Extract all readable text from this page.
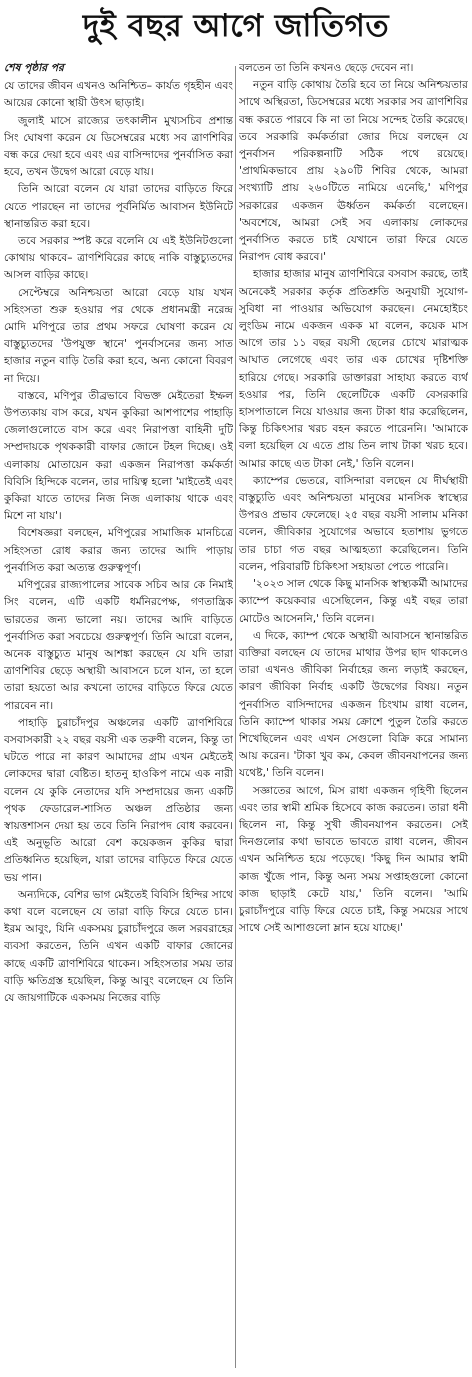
দুই বছর আগে জাতিগত

শেষ পৃষ্ঠার পর
যে তাদের জীবন এখনও অনিশ্চিত– কার্যত গৃহহীন এবং আয়ের কোনো স্থায়ী উৎস ছাড়াই।

জুলাই মাসে রাজ্যের তৎকালীন মুখ্যসচিব প্রশান্ত সিং ঘোষণা করেন যে ডিসেম্বরের মধ্যে সব ত্রাণশিবির বন্ধ করে দেয়া হবে এবং এর বাসিন্দাদের পুনর্বাসিত করা হবে, তখন উদ্বেগ আরো বেড়ে যায়।

তিনি আরো বলেন যে যারা তাদের বাড়িতে ফিরে যেতে পারছেন না তাদের পূর্বনির্মিত আবাসন ইউনিটে স্থানান্তরিত করা হবে।

তবে সরকার স্পষ্ট করে বলেনি যে এই ইউনিটগুলো কোথায় থাকবে– ত্রাণশিবিরের কাছে নাকি বাস্তুচ্যুতদের আসল বাড়ির কাছে।

সেপ্টেম্বরে অনিশ্চয়তা আরো বেড়ে যায় যখন সহিংসতা শুরু হওয়ার পর থেকে প্রধানমন্ত্রী নরেন্দ্র মোদি মণিপুরে তার প্রথম সফরে ঘোষণা করেন যে বাস্তুচ্যুতদের 'উপযুক্ত স্থানে' পুনর্বাসনের জন্য সাত হাজার নতুন বাড়ি তৈরি করা হবে, অন্য কোনো বিবরণ না দিয়ে।

বাস্তবে, মণিপুর তীব্রভাবে বিভক্ত মেইতেরা ইম্ফল উপত্যকায় বাস করে, যখন কুকিরা আশপাশের পাহাড়ি জেলাগুলোতে বাস করে এবং নিরাপত্তা বাহিনী দুটি সম্প্রদায়কে পৃথককারী বাফার জোনে টহল দিচ্ছে। ওই এলাকায় মোতায়েন করা একজন নিরাপত্তা কর্মকর্তা বিবিসি হিন্দিকে বলেন, তার দায়িত্ব হলো 'মাইতেই এবং কুকিরা যাতে তাদের নিজ নিজ এলাকায় থাকে এবং মিশে না যায়'।

বিশেষজ্ঞরা বলছেন, মণিপুরের সামাজিক মানচিত্রে সহিংসতা রোধ করার জন্য তাদের আদি পাড়ায় পুনর্বাসিত করা অত্যন্ত গুরুত্বপূর্ণ।

মণিপুরের রাজ্যপালের সাবেক সচিব আর কে নিমাই সিং বলেন, এটি একটি ধর্মনিরপেক্ষ, গণতান্ত্রিক ভারতের জন্য ভালো নয়। তাদের আদি বাড়িতে পুনর্বাসিত করা সবচেয়ে গুরুত্বপূর্ণ। তিনি আরো বলেন, অনেক বাস্তুচ্যুত মানুষ আশঙ্কা করছেন যে যদি তারা ত্রাণশিবির ছেড়ে অস্থায়ী আবাসনে চলে যান, তা হলে তারা হয়তো আর কখনো তাদের বাড়িতে ফিরে যেতে পারবেন না।

পাহাড়ি চুরাচাঁদপুর অঞ্চলের একটি ত্রাণশিবিরে বসবাসকারী ২২ বছর বয়সী এক তরুণী বলেন, কিন্তু তা ঘটতে পারে না কারণ আমাদের গ্রাম এখন মেইতেই লোকদের দ্বারা বেষ্টিত। হাতনু হাওকিপ নামে এক নারী বলেন যে কুকি নেতাদের যদি সম্প্রদায়ের জন্য একটি পৃথক ফেডারেল-শাসিত অঞ্চল প্রতিষ্ঠার জন্য স্বায়ত্তশাসন দেয়া হয় তবে তিনি নিরাপদ বোধ করবেন। এই অনুভূতি আরো বেশ কয়েকজন কুকির দ্বারা প্রতিধ্বনিত হয়েছিল, যারা তাদের বাড়িতে ফিরে যেতে ভয় পান।

অন্যদিকে, বেশির ভাগ মেইতেই বিবিসি হিন্দির সাথে কথা বলে বলেছেন যে তারা বাড়ি ফিরে যেতে চান। ইরম আবুং, যিনি একসময় চুরাচাঁদপুরে জল সরবরাহের ব্যবসা করতেন, তিনি এখন একটি বাফার জোনের কাছে একটি ত্রাণশিবিরে থাকেন। সহিংসতার সময় তার বাড়ি ক্ষতিগ্রস্ত হয়েছিল, কিন্তু আবুং বলেছেন যে তিনি যে জায়গাটিকে একসময় নিজের বাড়ি

বলতেন তা তিনি কখনও ছেড়ে দেবেন না।

নতুন বাড়ি কোথায় তৈরি হবে তা নিয়ে অনিশ্চয়তার সাথে অস্থিরতা, ডিসেম্বরের মধ্যে সরকার সব ত্রাণশিবির বন্ধ করতে পারবে কি না তা নিয়ে সন্দেহ তৈরি করেছে। তবে সরকারি কর্মকর্তারা জোর দিয়ে বলছেন যে পুনর্বাসন পরিকল্পনাটি সঠিক পথে রয়েছে। 'প্রাথমিকভাবে প্রায় ২৯০টি শিবির থেকে, আমরা সংখ্যাটি প্রায় ২৬০টিতে নামিয়ে এনেছি,' মণিপুর সরকারের একজন ঊর্ধ্বতন কর্মকর্তা বলেছেন। 'অবশেষে, আমরা সেই সব এলাকায় লোকদের পুনর্বাসিত করতে চাই যেখানে তারা ফিরে যেতে নিরাপদ বোধ করবে।'

হাজার হাজার মানুষ ত্রাণশিবিরে বসবাস করছে, তাই অনেকেই সরকার কর্তৃক প্রতিশ্রুতি অনুযায়ী সুযোগ-সুবিধা না পাওয়ার অভিযোগ করছেন। নেমহোইচং লুংডিম নামে একজন একক মা বলেন, কয়েক মাস আগে তার ১১ বছর বয়সী ছেলের চোখে মারাত্মক আঘাত লেগেছে এবং তার এক চোখের দৃষ্টিশক্তি হারিয়ে গেছে। সরকারি ডাক্তাররা সাহায্য করতে ব্যর্থ হওয়ার পর, তিনি ছেলেটিকে একটি বেসরকারি হাসপাতালে নিয়ে যাওয়ার জন্য টাকা ধার করেছিলেন, কিন্তু চিকিৎসার খরচ বহন করতে পারেননি। 'আমাকে বলা হয়েছিল যে এতে প্রায় তিন লাখ টাকা খরচ হবে। আমার কাছে এত টাকা নেই,' তিনি বলেন।

ক্যাম্পের ভেতরে, বাসিন্দারা বলছেন যে দীর্ঘস্থায়ী বাস্তুচ্যুতি এবং অনিশ্চয়তা মানুষের মানসিক স্বাস্থ্যের উপরও প্রভাব ফেলেছে। ২৫ বছর বয়সী সালাম মনিকা বলেন, জীবিকার সুযোগের অভাবে হতাশায় ভুগতে তার চাচা গত বছর আত্মহত্যা করেছিলেন। তিনি বলেন, পরিবারটি চিকিৎসা সহায়তা পেতে পারেনি।

'২০২৩ সাল থেকে কিছু মানসিক স্বাস্থ্যকর্মী আমাদের ক্যাম্পে কয়েকবার এসেছিলেন, কিন্তু এই বছর তারা মোটেও আসেননি,' তিনি বলেন।

এ দিকে, ক্যাম্প থেকে অস্থায়ী আবাসনে স্থানান্তরিত ব্যক্তিরা বলছেন যে তাদের মাথার উপর ছাদ থাকলেও তারা এখনও জীবিকা নির্বাহের জন্য লড়াই করছেন, কারণ জীবিকা নির্বাহ একটি উদ্বেগের বিষয়। নতুন পুনর্বাসিত বাসিন্দাদের একজন চিংখাম রাধা বলেন, তিনি ক্যাম্পে থাকার সময় ক্রোশে পুতুল তৈরি করতে শিখেছিলেন এবং এখন সেগুলো বিক্রি করে সামান্য আয় করেন। 'টাকা খুব কম, কেবল জীবনযাপনের জন্য যথেষ্ট,' তিনি বলেন।

সজ্ঞাতের আগে, মিস রাধা একজন গৃহিণী ছিলেন এবং তার স্বামী শ্রমিক হিসেবে কাজ করতেন। তারা ধনী ছিলেন না, কিন্তু সুখী জীবনযাপন করতেন। সেই দিনগুলোর কথা ভাবতে ভাবতে রাধা বলেন, জীবন এখন অনিশ্চিত হয়ে পড়েছে। 'কিছু দিন আমার স্বামী কাজ খুঁজে পান, কিন্তু অন্য সময় সপ্তাহগুলো কোনো কাজ ছাড়াই কেটে যায়,' তিনি বলেন। 'আমি চুরাচাঁদপুরে বাড়ি ফিরে যেতে চাই, কিন্তু সময়ের সাথে সাথে সেই আশাগুলো ম্লান হয়ে যাচ্ছে।'
